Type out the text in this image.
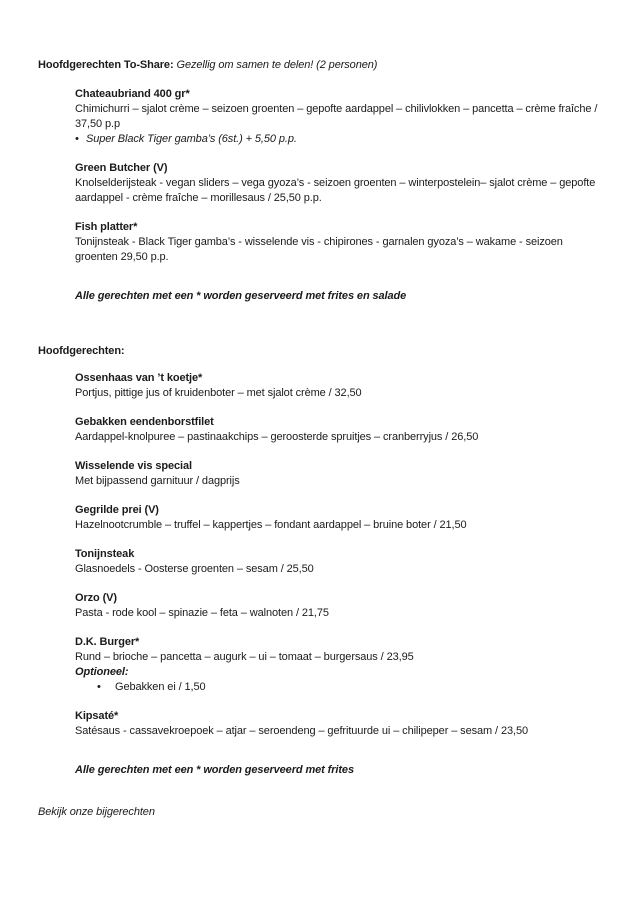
Hoofdgerechten To-Share: Gezellig om samen te delen! (2 personen)
Chateaubriand 400 gr*
Chimichurri – sjalot crème – seizoen groenten – gepofte aardappel – chilivlokken – pancetta – crème fraîche / 37,50 p.p
• Super Black Tiger gamba’s (6st.) + 5,50 p.p.
Green Butcher (V)
Knolselderijsteak - vegan sliders – vega gyoza’s - seizoen groenten – winterpostelein– sjalot crème – gepofte aardappel - crème fraîche – morillesaus / 25,50 p.p.
Fish platter*
Tonijnsteak - Black Tiger gamba’s - wisselende vis - chipirones - garnalen gyoza’s – wakame - seizoen groenten 29,50 p.p.
Alle gerechten met een * worden geserveerd met frites en salade
Hoofdgerechten:
Ossenhaas van ’t koetje*
Portjus, pittige jus of kruidenboter – met sjalot crème / 32,50
Gebakken eendenborstfilet
Aardappel-knolpuree – pastinaakchips – geroosterde spruitjes – cranberryjus / 26,50
Wisselende vis special
Met bijpassend garnituur / dagprijs
Gegrilde prei (V)
Hazelnootcrumble – truffel – kappertjes – fondant aardappel – bruine boter / 21,50
Tonijnsteak
Glasnoedels - Oosterse groenten – sesam / 25,50
Orzo (V)
Pasta - rode kool – spinazie – feta – walnoten / 21,75
D.K. Burger*
Rund – brioche – pancetta – augurk – ui – tomaat – burgersaus / 23,95
Optioneel:
• Gebakken ei / 1,50
Kipsaté*
Satésaus - cassavekroepoek – atjar – seroendeng – gefrituurde ui – chilipeper – sesam / 23,50
Alle gerechten met een * worden geserveerd met frites
Bekijk onze bijgerechten
